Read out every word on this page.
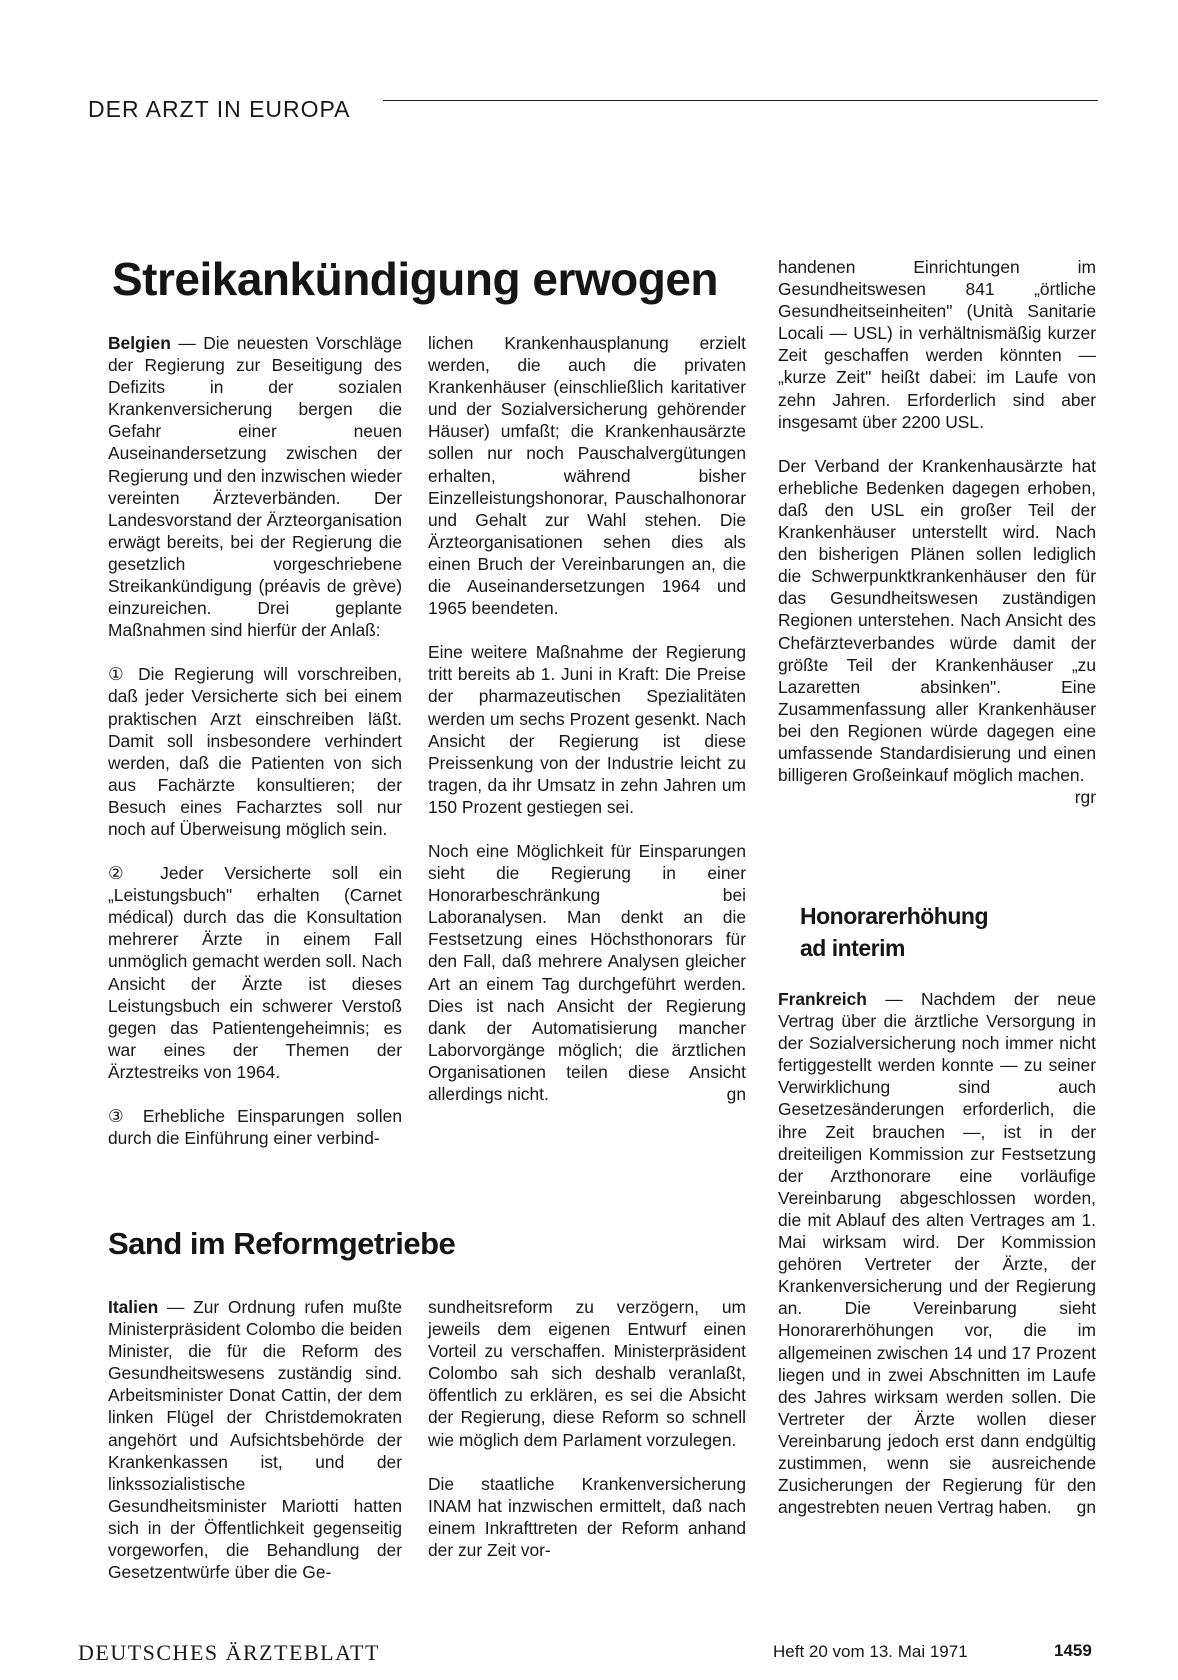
DER ARZT IN EUROPA
Streikankündigung erwogen

Belgien — Die neuesten Vorschläge der Regierung zur Beseitigung des Defizits in der sozialen Krankenversicherung bergen die Gefahr einer neuen Auseinandersetzung zwischen der Regierung und den inzwischen wieder vereinten Ärzteverbänden. Der Landesvorstand der Ärzteorganisation erwägt bereits, bei der Regierung die gesetzlich vorgeschriebene Streikankündigung (préavis de grève) einzureichen. Drei geplante Maßnahmen sind hierfür der Anlaß:

① Die Regierung will vorschreiben, daß jeder Versicherte sich bei einem praktischen Arzt einschreiben läßt. Damit soll insbesondere verhindert werden, daß die Patienten von sich aus Fachärzte konsultieren; der Besuch eines Facharztes soll nur noch auf Überweisung möglich sein.

② Jeder Versicherte soll ein „Leistungsbuch" erhalten (Carnet médical) durch das die Konsultation mehrerer Ärzte in einem Fall unmöglich gemacht werden soll. Nach Ansicht der Ärzte ist dieses Leistungsbuch ein schwerer Verstoß gegen das Patientengeheimnis; es war eines der Themen der Ärztestreiks von 1964.

③ Erhebliche Einsparungen sollen durch die Einführung einer verbind-

lichen Krankenhausplanung erzielt werden, die auch die privaten Krankenhäuser (einschließlich karitativer und der Sozialversicherung gehörender Häuser) umfaßt; die Krankenhausärzte sollen nur noch Pauschalvergütungen erhalten, während bisher Einzelleistungshonorar, Pauschalhonorar und Gehalt zur Wahl stehen. Die Ärzteorganisationen sehen dies als einen Bruch der Vereinbarungen an, die die Auseinandersetzungen 1964 und 1965 beendeten.

Eine weitere Maßnahme der Regierung tritt bereits ab 1. Juni in Kraft: Die Preise der pharmazeutischen Spezialitäten werden um sechs Prozent gesenkt. Nach Ansicht der Regierung ist diese Preissenkung von der Industrie leicht zu tragen, da ihr Umsatz in zehn Jahren um 150 Prozent gestiegen sei.

Noch eine Möglichkeit für Einsparungen sieht die Regierung in einer Honorarbeschränkung bei Laboranalysen. Man denkt an die Festsetzung eines Höchsthonorars für den Fall, daß mehrere Analysen gleicher Art an einem Tag durchgeführt werden. Dies ist nach Ansicht der Regierung dank der Automatisierung mancher Laborvorgänge möglich; die ärztlichen Organisationen teilen diese Ansicht allerdings nicht.	gn

Sand im Reformgetriebe

Italien — Zur Ordnung rufen mußte Ministerpräsident Colombo die beiden Minister, die für die Reform des Gesundheitswesens zuständig sind. Arbeitsminister Donat Cattin, der dem linken Flügel der Christdemokraten angehört und Aufsichtsbehörde der Krankenkassen ist, und der linkssozialistische Gesundheitsminister Mariotti hatten sich in der Öffentlichkeit gegenseitig vorgeworfen, die Behandlung der Gesetzentwürfe über die Ge-

sundheitsreform zu verzögern, um jeweils dem eigenen Entwurf einen Vorteil zu verschaffen. Ministerpräsident Colombo sah sich deshalb veranlaßt, öffentlich zu erklären, es sei die Absicht der Regierung, diese Reform so schnell wie möglich dem Parlament vorzulegen.

Die staatliche Krankenversicherung INAM hat inzwischen ermittelt, daß nach einem Inkrafttreten der Reform anhand der zur Zeit vor-

handenen Einrichtungen im Gesundheitswesen 841 „örtliche Gesundheitseinheiten" (Unità Sanitarie Locali — USL) in verhältnismäßig kurzer Zeit geschaffen werden könnten — „kurze Zeit" heißt dabei: im Laufe von zehn Jahren. Erforderlich sind aber insgesamt über 2200 USL.

Der Verband der Krankenhausärzte hat erhebliche Bedenken dagegen erhoben, daß den USL ein großer Teil der Krankenhäuser unterstellt wird. Nach den bisherigen Plänen sollen lediglich die Schwerpunktkrankenhäuser den für das Gesundheitswesen zuständigen Regionen unterstehen. Nach Ansicht des Chefärzteverbandes würde damit der größte Teil der Krankenhäuser „zu Lazaretten absinken". Eine Zusammenfassung aller Krankenhäuser bei den Regionen würde dagegen eine umfassende Standardisierung und einen billigeren Großeinkauf möglich machen.
rgr

Honorarerhöhung
ad interim

Frankreich — Nachdem der neue Vertrag über die ärztliche Versorgung in der Sozialversicherung noch immer nicht fertiggestellt werden konnte — zu seiner Verwirklichung sind auch Gesetzesänderungen erforderlich, die ihre Zeit brauchen —, ist in der dreiteiligen Kommission zur Festsetzung der Arzthonorare eine vorläufige Vereinbarung abgeschlossen worden, die mit Ablauf des alten Vertrages am 1. Mai wirksam wird. Der Kommission gehören Vertreter der Ärzte, der Krankenversicherung und der Regierung an. Die Vereinbarung sieht Honorarerhöhungen vor, die im allgemeinen zwischen 14 und 17 Prozent liegen und in zwei Abschnitten im Laufe des Jahres wirksam werden sollen. Die Vertreter der Ärzte wollen dieser Vereinbarung jedoch erst dann endgültig zustimmen, wenn sie ausreichende Zusicherungen der Regierung für den angestrebten neuen Vertrag haben. gn

DEUTSCHES ÄRZTEBLATT	Heft 20 vom 13. Mai 1971	1459
